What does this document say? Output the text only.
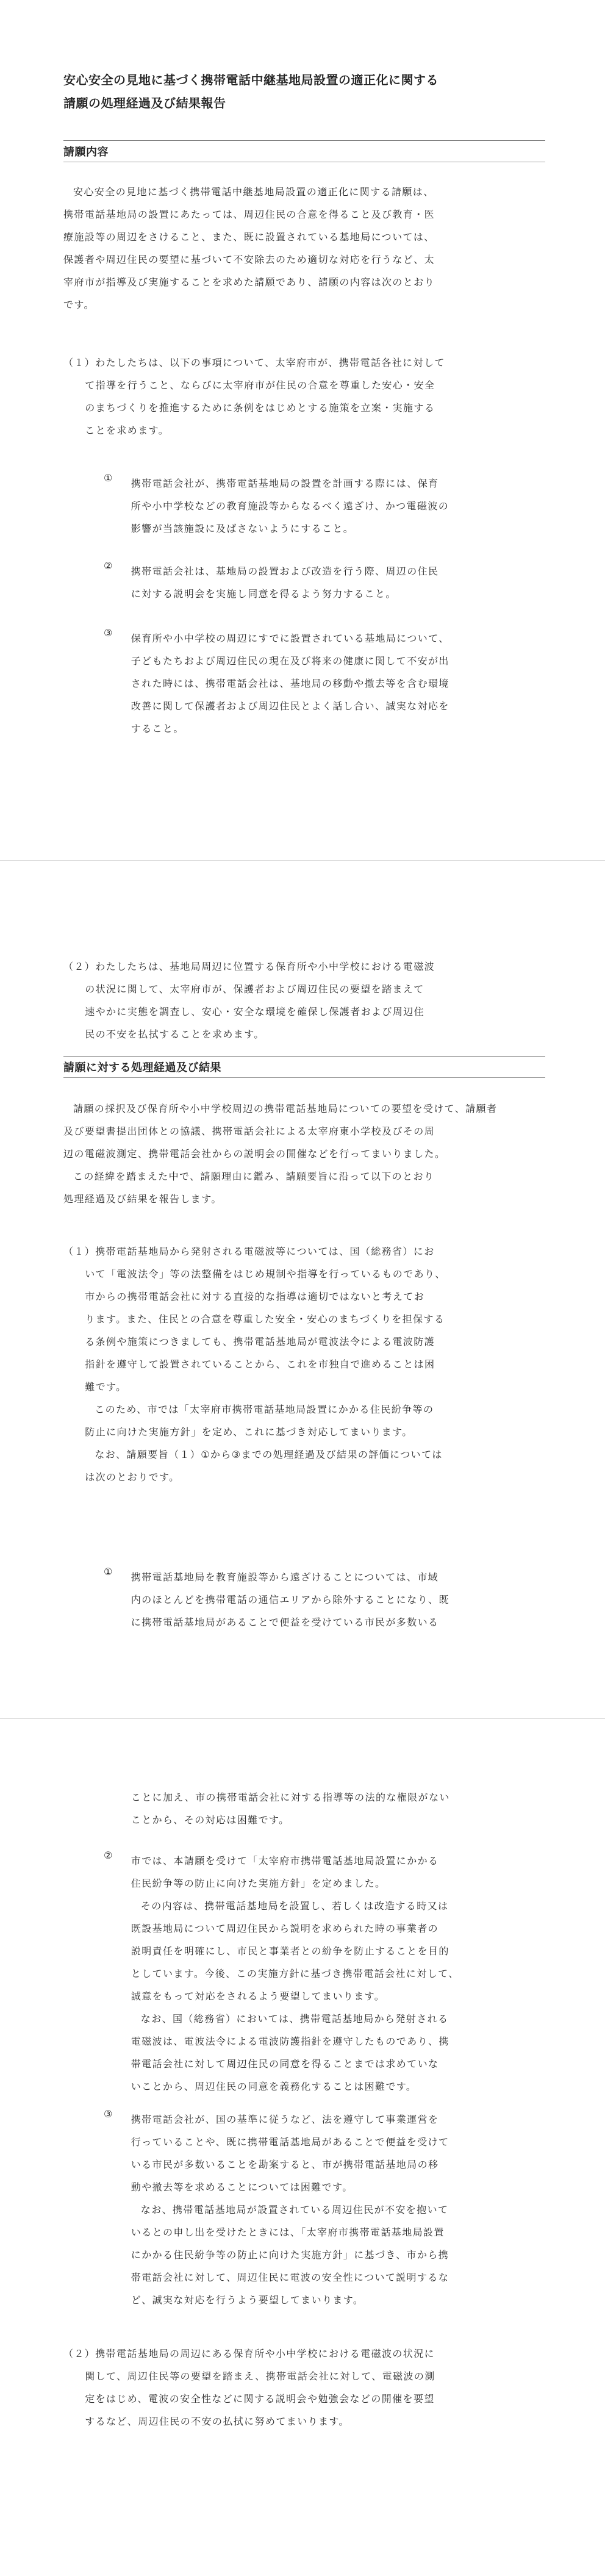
安心安全の見地に基づく携帯電話中継基地局設置の適正化に関する
請願の処理経過及び結果報告
請願内容

安心安全の見地に基づく携帯電話中継基地局設置の適正化に関する請願は、

携帯電話基地局の設置にあたっては、周辺住民の合意を得ること及び教育・医

療施設等の周辺をさけること、また、既に設置されている基地局については、

保護者や周辺住民の要望に基づいて不安除去のため適切な対応を行うなど、太

宰府市が指導及び実施することを求めた請願であり、請願の内容は次のとおり

です。

（１）わたしたちは、以下の事項について、太宰府市が、携帯電話各社に対して

て指導を行うこと、ならびに太宰府市が住民の合意を尊重した安心・安全

のまちづくりを推進するために条例をはじめとする施策を立案・実施する

ことを求めます。

①	携帯電話会社が、携帯電話基地局の設置を計画する際には、保育

所や小中学校などの教育施設等からなるべく遠ざけ、かつ電磁波の

影響が当該施設に及ばさないようにすること。

②	携帯電話会社は、基地局の設置および改造を行う際、周辺の住民

に対する説明会を実施し同意を得るよう努力すること。

③	保育所や小中学校の周辺にすでに設置されている基地局について、

子どもたちおよび周辺住民の現在及び将来の健康に関して不安が出

された時には、携帯電話会社は、基地局の移動や撤去等を含む環境

改善に関して保護者および周辺住民とよく話し合い、誠実な対応を

すること。

（２）わたしたちは、基地局周辺に位置する保育所や小中学校における電磁波

の状況に関して、太宰府市が、保護者および周辺住民の要望を踏まえて

速やかに実態を調査し、安心・安全な環境を確保し保護者および周辺住

民の不安を払拭することを求めます。

請願に対する処理経過及び結果

請願の採択及び保育所や小中学校周辺の携帯電話基地局についての要望を受けて、請願者

及び要望書提出団体との協議、携帯電話会社による太宰府東小学校及びその周

辺の電磁波測定、携帯電話会社からの説明会の開催などを行ってまいりました。

この経緯を踏まえた中で、請願理由に鑑み、請願要旨に沿って以下のとおり

処理経過及び結果を報告します。

（１）携帯電話基地局から発射される電磁波等については、国（総務省）にお

いて「電波法令」等の法整備をはじめ規制や指導を行っているものであり、

市からの携帯電話会社に対する直接的な指導は適切ではないと考えてお

ります。また、住民との合意を尊重した安全・安心のまちづくりを担保する

る条例や施策につきましても、携帯電話基地局が電波法令による電波防護

指針を遵守して設置されていることから、これを市独自で進めることは困

難です。

このため、市では「太宰府市携帯電話基地局設置にかかる住民紛争等の

防止に向けた実施方針」を定め、これに基づき対応してまいります。

なお、請願要旨（１）①から③までの処理経過及び結果の評価については

は次のとおりです。

①	携帯電話基地局を教育施設等から遠ざけることについては、市域

内のほとんどを携帯電話の通信エリアから除外することになり、既

に携帯電話基地局があることで便益を受けている市民が多数いる

ことに加え、市の携帯電話会社に対する指導等の法的な権限がない

ことから、その対応は困難です。

②	市では、本請願を受けて「太宰府市携帯電話基地局設置にかかる

住民紛争等の防止に向けた実施方針」を定めました。

その内容は、携帯電話基地局を設置し、若しくは改造する時又は

既設基地局について周辺住民から説明を求められた時の事業者の

説明責任を明確にし、市民と事業者との紛争を防止することを目的

としています。今後、この実施方針に基づき携帯電話会社に対して、

誠意をもって対応をされるよう要望してまいります。

なお、国（総務省）においては、携帯電話基地局から発射される

電磁波は、電波法令による電波防護指針を遵守したものであり、携

帯電話会社に対して周辺住民の同意を得ることまでは求めていな

いことから、周辺住民の同意を義務化することは困難です。

③	携帯電話会社が、国の基準に従うなど、法を遵守して事業運営を

行っていることや、既に携帯電話基地局があることで便益を受けて

いる市民が多数いることを勘案すると、市が携帯電話基地局の移

動や撤去等を求めることについては困難です。

なお、携帯電話基地局が設置されている周辺住民が不安を抱いて

いるとの申し出を受けたときには、「太宰府市携帯電話基地局設置

にかかる住民紛争等の防止に向けた実施方針」に基づき、市から携

帯電話会社に対して、周辺住民に電波の安全性について説明するな

ど、誠実な対応を行うよう要望してまいります。

（２）携帯電話基地局の周辺にある保育所や小中学校における電磁波の状況に

関して、周辺住民等の要望を踏まえ、携帯電話会社に対して、電磁波の測

定をはじめ、電波の安全性などに関する説明会や勉強会などの開催を要望

するなど、周辺住民の不安の払拭に努めてまいります。
